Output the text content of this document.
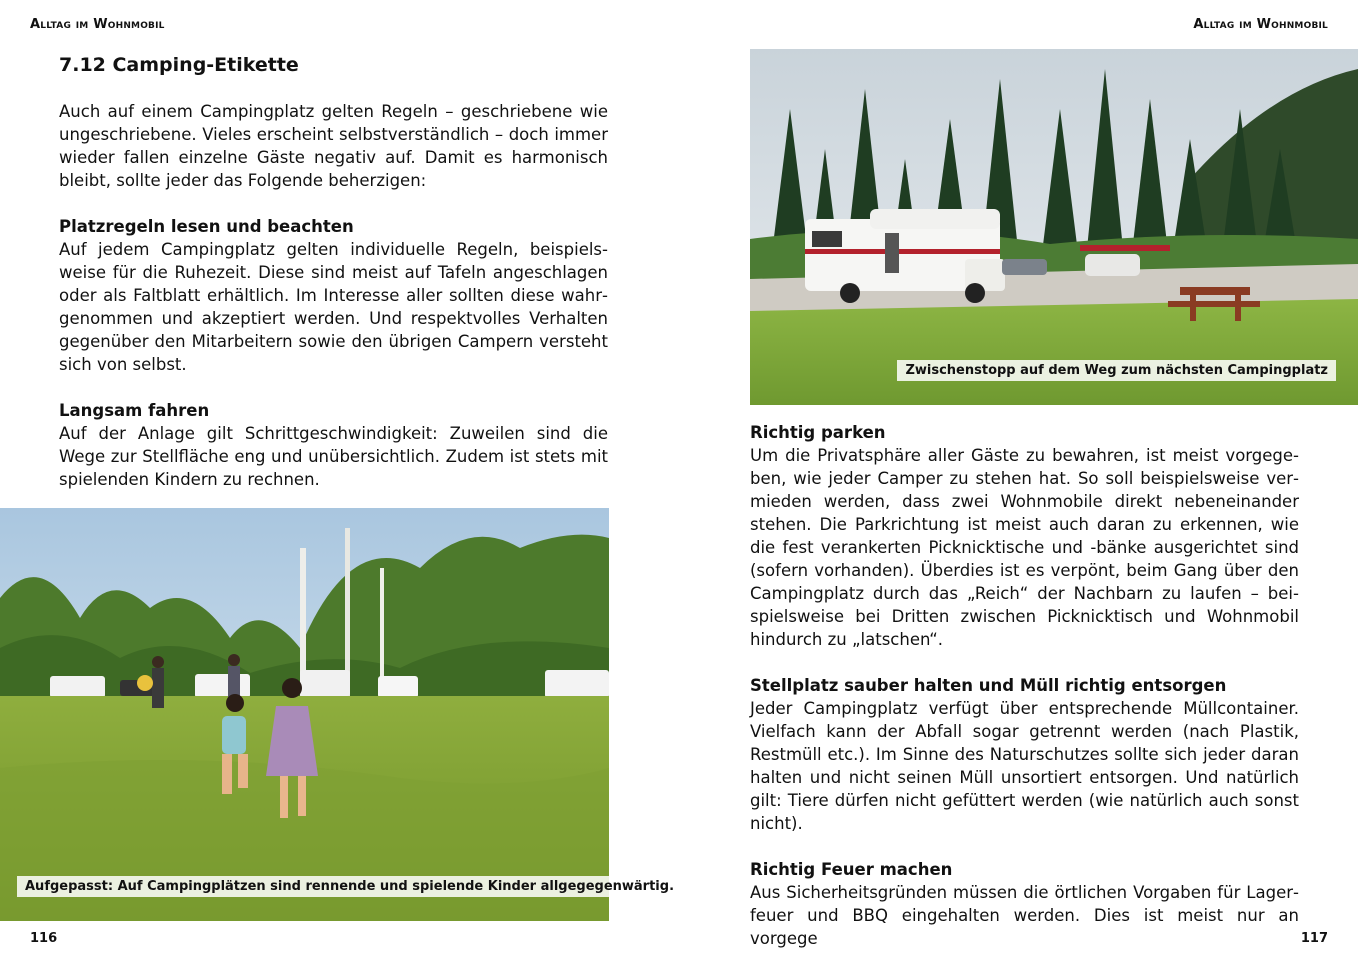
Alltag im Wohnmobil
7.12 Camping-Etikette

Auch auf einem Campingplatz gelten Regeln – geschriebene wie ungeschriebene. Vieles erscheint selbstverständlich – doch immer wieder fallen einzelne Gäste negativ auf. Damit es harmonisch bleibt, sollte jeder das Folgende beherzigen:

Platzregeln lesen und beachten

Auf jedem Campingplatz gelten individuelle Regeln, beispielsweise für die Ruhezeit. Diese sind meist auf Tafeln angeschlagen oder als Faltblatt erhältlich. Im Interesse aller sollten diese wahrgenommen und akzeptiert werden. Und respektvolles Verhalten gegenüber den Mitarbeitern sowie den übrigen Campern versteht sich von selbst.

Langsam fahren

Auf der Anlage gilt Schrittgeschwindigkeit: Zuweilen sind die Wege zur Stellfläche eng und unübersichtlich. Zudem ist stets mit spielenden Kindern zu rechnen.

Aufgepasst: Auf Campingplätzen sind rennende und spielende Kinder allgegegenwärtig.
116
Alltag im Wohnmobil
Zwischenstopp auf dem Weg zum nächsten Campingplatz
Richtig parken

Um die Privatsphäre aller Gäste zu bewahren, ist meist vorgegeben, wie jeder Camper zu stehen hat. So soll beispielsweise vermieden werden, dass zwei Wohnmobile direkt nebeneinander stehen. Die Parkrichtung ist meist auch daran zu erkennen, wie die fest verankerten Picknicktische und -bänke ausgerichtet sind (sofern vorhanden). Überdies ist es verpönt, beim Gang über den Campingplatz durch das „Reich“ der Nachbarn zu laufen – beispielsweise bei Dritten zwischen Picknicktisch und Wohnmobil hindurch zu „latschen“.

Stellplatz sauber halten und Müll richtig entsorgen

Jeder Campingplatz verfügt über entsprechende Müllcontainer. Vielfach kann der Abfall sogar getrennt werden (nach Plastik, Restmüll etc.). Im Sinne des Naturschutzes sollte sich jeder daran halten und nicht seinen Müll unsortiert entsorgen. Und natürlich gilt: Tiere dürfen nicht gefüttert werden (wie natürlich auch sonst nicht).

Richtig Feuer machen

Aus Sicherheitsgründen müssen die örtlichen Vorgaben für Lagerfeuer und BBQ eingehalten werden. Dies ist meist nur an vorgege	117
